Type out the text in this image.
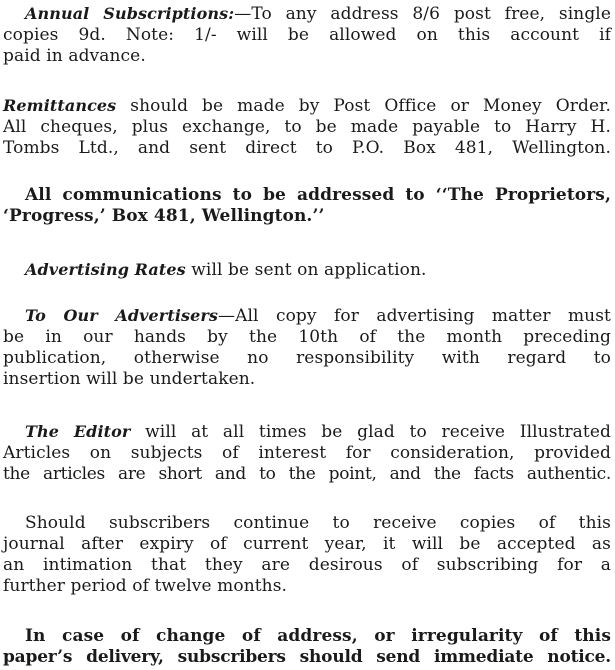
Annual Subscriptions:—To any address 8/6 post free, single
copies 9d. Note: 1/- will be allowed on this account if
paid in advance.
Remittances should be made by Post Office or Money Order.
All cheques, plus exchange, to be made payable to Harry H.
Tombs Ltd., and sent direct to P.O. Box 481, Wellington.
All communications to be addressed to ‘‘The Proprietors,
‘Progress,’ Box 481, Wellington.’’
Advertising Rates will be sent on application.
To Our Advertisers—All copy for advertising matter must
be in our hands by the 10th of the month preceding
publication, otherwise no responsibility with regard to
insertion will be undertaken.
The Editor will at all times be glad to receive Illustrated
Articles on subjects of interest for consideration, provided
the articles are short and to the point, and the facts authentic.
Should subscribers continue to receive copies of this
journal after expiry of current year, it will be accepted as
an intimation that they are desirous of subscribing for a
further period of twelve months.
In case of change of address, or irregularity of this
paper’s delivery, subscribers should send immediate notice.
